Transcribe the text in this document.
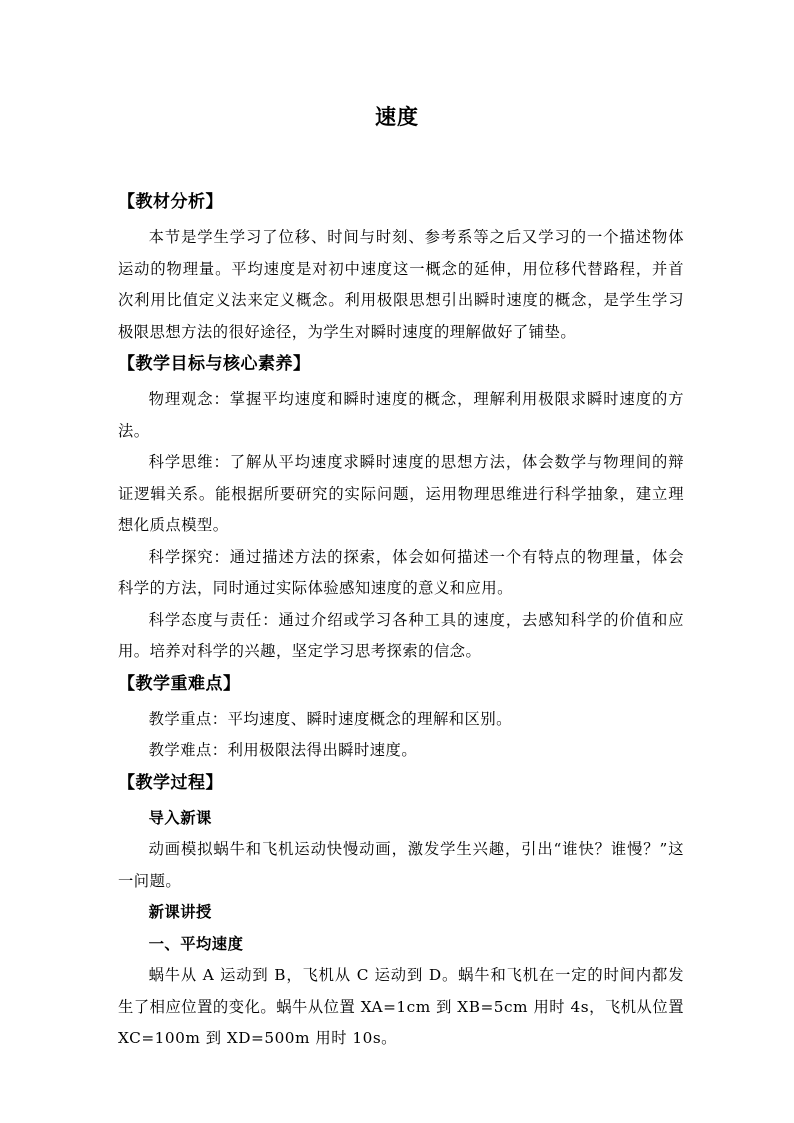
速度
【教材分析】

本节是学生学习了位移、时间与时刻、参考系等之后又学习的一个描述物体运动的物理量。平均速度是对初中速度这一概念的延伸，用位移代替路程，并首次利用比值定义法来定义概念。利用极限思想引出瞬时速度的概念，是学生学习极限思想方法的很好途径，为学生对瞬时速度的理解做好了铺垫。

【教学目标与核心素养】

物理观念：掌握平均速度和瞬时速度的概念，理解利用极限求瞬时速度的方法。

科学思维：了解从平均速度求瞬时速度的思想方法，体会数学与物理间的辩证逻辑关系。能根据所要研究的实际问题，运用物理思维进行科学抽象，建立理想化质点模型。

科学探究：通过描述方法的探索，体会如何描述一个有特点的物理量，体会科学的方法，同时通过实际体验感知速度的意义和应用。

科学态度与责任：通过介绍或学习各种工具的速度，去感知科学的价值和应用。培养对科学的兴趣，坚定学习思考探索的信念。

【教学重难点】

教学重点：平均速度、瞬时速度概念的理解和区别。

教学难点：利用极限法得出瞬时速度。

【教学过程】
导入新课

动画模拟蜗牛和飞机运动快慢动画，激发学生兴趣，引出“谁快？谁慢？”这一问题。

新课讲授
一、平均速度

蜗牛从 A 运动到 B，飞机从 C 运动到 D。蜗牛和飞机在一定的时间内都发生了相应位置的变化。蜗牛从位置 XA=1cm 到 XB=5cm 用时 4s，飞机从位置 XC=100m 到 XD=500m 用时 10s。
